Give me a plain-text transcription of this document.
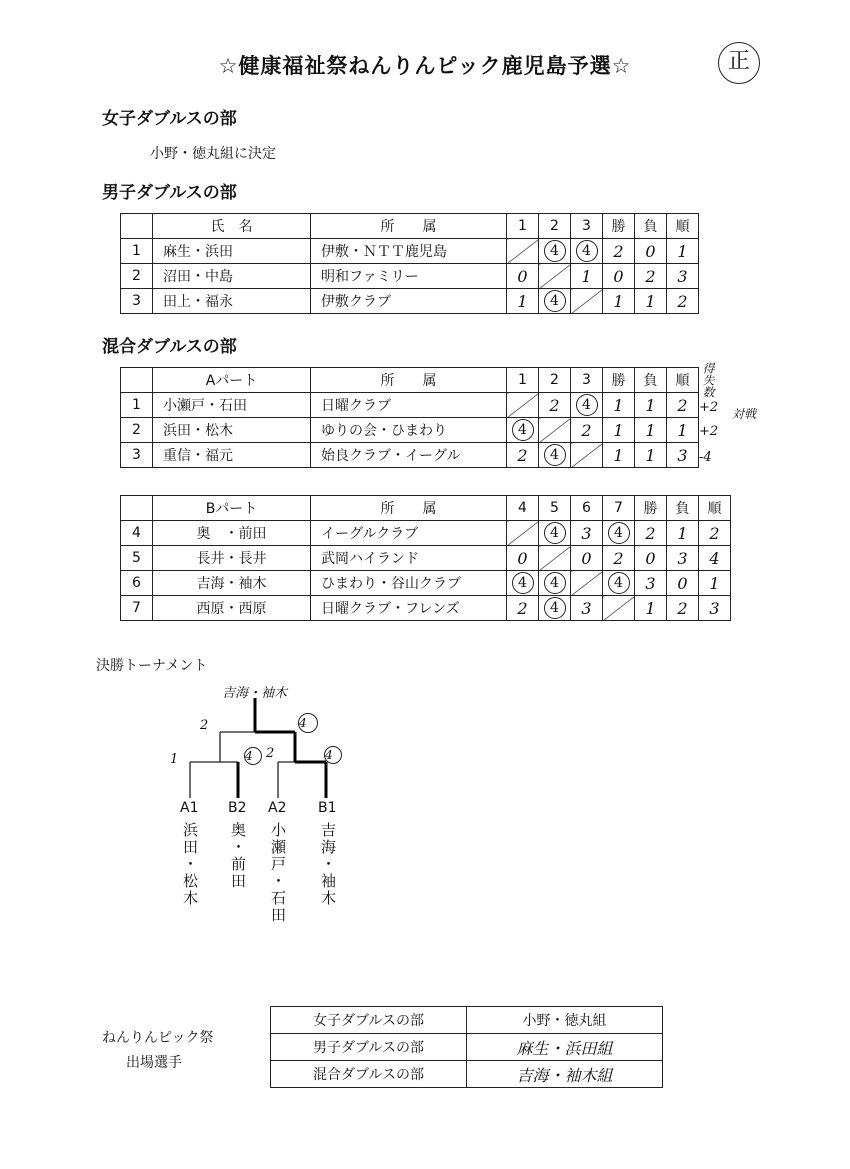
☆健康福祉祭ねんりんピック鹿児島予選☆	正
女子ダブルスの部
小野・徳丸組に決定
男子ダブルスの部
	氏　名	所　　属	1	2	3	勝	負	順
1	麻生・浜田	伊敷・ＮＴＴ鹿児島		4	4	2	0	1
2	沼田・中島	明和ファミリー	0		1	0	2	3
3	田上・福永	伊敷クラブ	1	4		1	1	2
混合ダブルスの部
	Aパート	所　　属	1	2	3	勝	負	順
1	小瀬戸・石田	日曜クラブ		2	4	1	1	2
2	浜田・松木	ゆりの会・ひまわり	4		2	1	1	1
3	重信・福元	始良クラブ・イーグル	2	4		1	1	3
得失数
対戦
+2
+2
-4
	Bパート	所　　属	4	5	6	7	勝	負	順
4	奥　・前田	イーグルクラブ		4	3	4	2	1	2
5	長井・長井	武岡ハイランド	0		0	2	0	3	4
6	吉海・袖木	ひまわり・谷山クラブ	4	4		4	3	0	1
7	西原・西原	日曜クラブ・フレンズ	2	4	3		1	2	3
決勝トーナメント
吉海・袖木
1
2
4	2
4
4
A1 B2 A2 B1
浜田・松木 奥・前田 小瀬戸・石田 吉海・袖木
ねんりんピック祭
出場選手
女子ダブルスの部	小野・徳丸組
男子ダブルスの部	麻生・浜田組
混合ダブルスの部	吉海・袖木組
